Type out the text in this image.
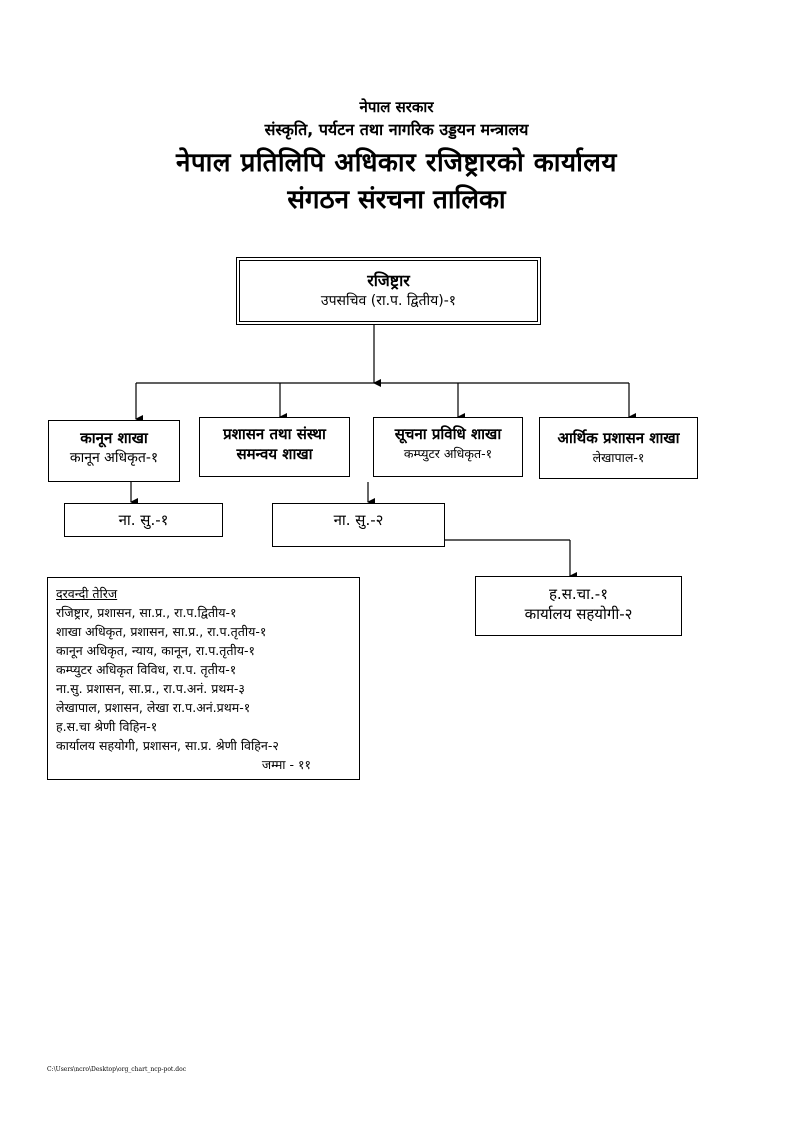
नेपाल सरकार
संस्कृति, पर्यटन तथा नागरिक उड्डयन मन्त्रालय
नेपाल प्रतिलिपि अधिकार रजिष्ट्रारको कार्यालय
संगठन संरचना तालिका
रजिष्ट्रार
उपसचिव (रा.प. द्वितीय)-१
कानून शाखा
कानून अधिकृत-१
प्रशासन तथा संस्था
समन्वय शाखा
सूचना प्रविधि शाखा
कम्प्युटर अधिकृत-१
आर्थिक प्रशासन शाखा
लेखापाल-१
ना. सु.-१	ना. सु.-२
ह.स.चा.-१
कार्यालय सहयोगी-२
दरवन्दी तेरिज
रजिष्ट्रार, प्रशासन, सा.प्र., रा.प.द्वितीय-१
शाखा अधिकृत, प्रशासन, सा.प्र., रा.प.तृतीय-१
कानून अधिकृत, न्याय, कानून, रा.प.तृतीय-१
कम्प्युटर अधिकृत विविध, रा.प. तृतीय-१
ना.सु. प्रशासन, सा.प्र., रा.प.अनं. प्रथम-३
लेखापाल, प्रशासन, लेखा रा.प.अनं.प्रथम-१
ह.स.चा श्रेणी विहिन-१
कार्यालय सहयोगी, प्रशासन, सा.प्र. श्रेणी विहिन-२
जम्मा - ११
C:\Users\ncro\Desktop\org_chart_ncp-pot.doc
